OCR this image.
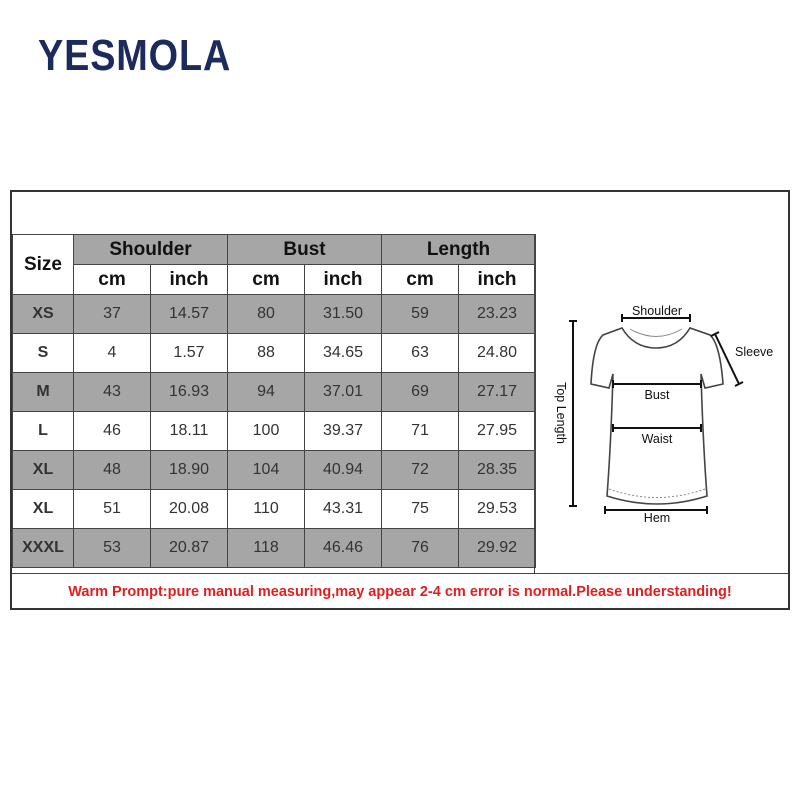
YESMOLA
Size	Shoulder		Bust		Length	
	cm	inch	cm	inch	cm	inch
XS	37	14.57	80	31.50	59	23.23
S	4	1.57	88	34.65	63	24.80
M	43	16.93	94	37.01	69	27.17
L	46	18.11	100	39.37	71	27.95
XL	48	18.90	104	40.94	72	28.35
XL	51	20.08	110	43.31	75	29.53
XXXL	53	20.87	118	46.46	76	29.92
Shoulder
Sleeve
Bust
Waist
Hem
Top Length
Warm Prompt:pure manual measuring,may appear 2-4 cm error is normal.Please understanding!
